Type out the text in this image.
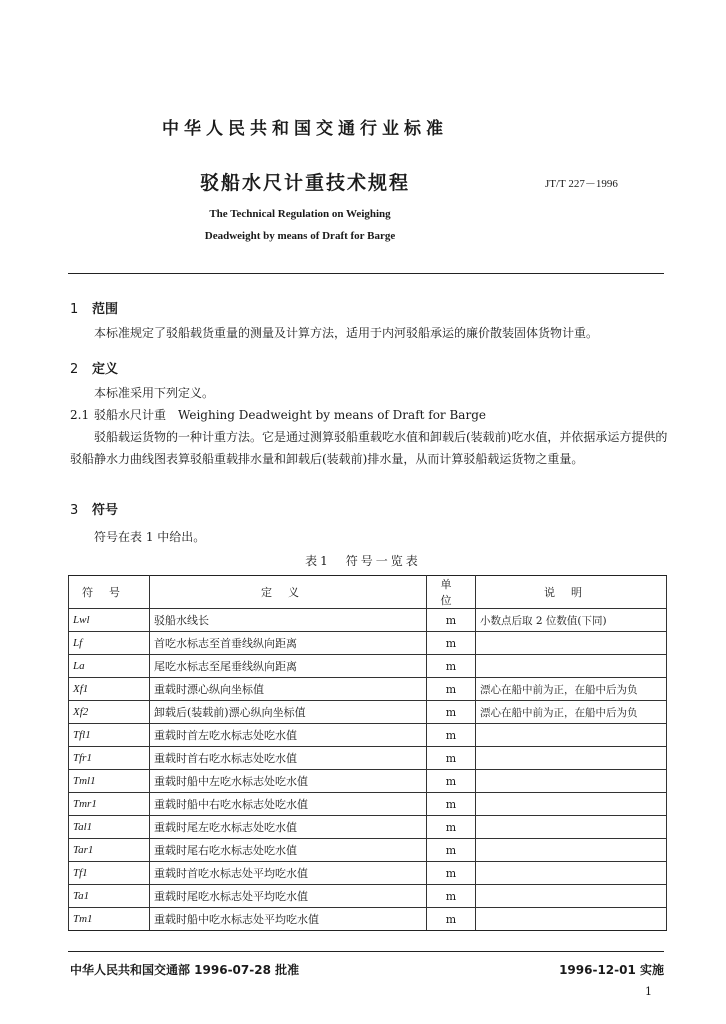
中华人民共和国交通行业标准
驳船水尺计重技术规程	JT/T 227－1996
The Technical Regulation on Weighing
Deadweight by means of Draft for Barge
1 范围
本标准规定了驳船载货重量的测量及计算方法，适用于内河驳船承运的廉价散装固体货物计重。
2 定义
本标准采用下列定义。
2.1 驳船水尺计重　Weighing Deadweight by means of Draft for Barge
驳船载运货物的一种计重方法。它是通过测算驳船重载吃水值和卸载后(装载前)吃水值，并依据承运方提供的驳船静水力曲线图表算驳船重载排水量和卸载后(装载前)排水量，从而计算驳船载运货物之重量。
3 符号
符号在表 1 中给出。
表1　符号一览表
符号	定义	单位	说明
Lwl	驳船水线长	m	小数点后取 2 位数值(下同)
Lf	首吃水标志至首垂线纵向距离	m	
La	尾吃水标志至尾垂线纵向距离	m	
Xf1	重载时漂心纵向坐标值	m	漂心在船中前为正，在船中后为负
Xf2	卸载后(装载前)漂心纵向坐标值	m	漂心在船中前为正，在船中后为负
Tfl1	重载时首左吃水标志处吃水值	m	
Tfr1	重载时首右吃水标志处吃水值	m	
Tml1	重载时船中左吃水标志处吃水值	m	
Tmr1	重载时船中右吃水标志处吃水值	m	
Tal1	重载时尾左吃水标志处吃水值	m	
Tar1	重载时尾右吃水标志处吃水值	m	
Tf1	重载时首吃水标志处平均吃水值	m	
Ta1	重载时尾吃水标志处平均吃水值	m	
Tm1	重载时船中吃水标志处平均吃水值	m	
中华人民共和国交通部 1996-07-28 批准	1996-12-01 实施
1
